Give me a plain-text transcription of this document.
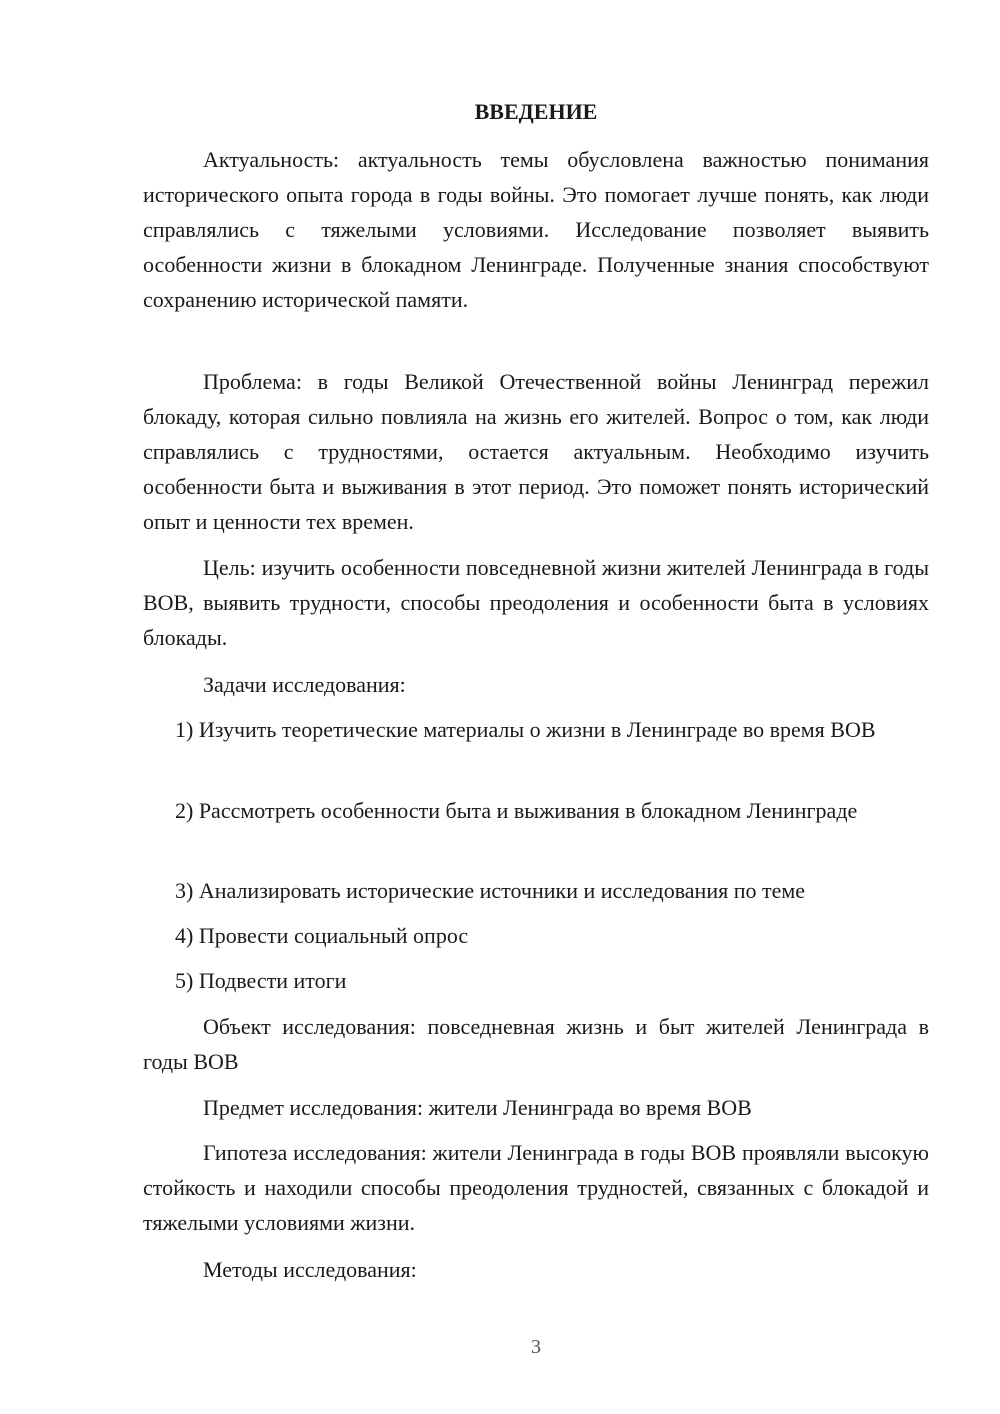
ВВЕДЕНИЕ

Актуальность: актуальность темы обусловлена важностью понимания исторического опыта города в годы войны. Это помогает лучше понять, как люди справлялись с тяжелыми условиями. Исследование позволяет выявить особенности жизни в блокадном Ленинграде. Полученные знания способствуют сохранению исторической памяти.

Проблема: в годы Великой Отечественной войны Ленинград пережил блокаду, которая сильно повлияла на жизнь его жителей. Вопрос о том, как люди справлялись с трудностями, остается актуальным. Необходимо изучить особенности быта и выживания в этот период. Это поможет понять исторический опыт и ценности тех времен.

Цель: изучить особенности повседневной жизни жителей Ленинграда в годы ВОВ, выявить трудности, способы преодоления и особенности быта в условиях блокады.

Задачи исследования:

1) Изучить теоретические материалы о жизни в Ленинграде во время ВОВ

2) Рассмотреть особенности быта и выживания в блокадном Ленинграде

3) Анализировать исторические источники и исследования по теме

4) Провести социальный опрос

5) Подвести итоги

Объект исследования: повседневная жизнь и быт жителей Ленинграда в годы ВОВ

Предмет исследования: жители Ленинграда во время ВОВ

Гипотеза исследования: жители Ленинграда в годы ВОВ проявляли высокую стойкость и находили способы преодоления трудностей, связанных с блокадой и тяжелыми условиями жизни.

Методы исследования:

3
